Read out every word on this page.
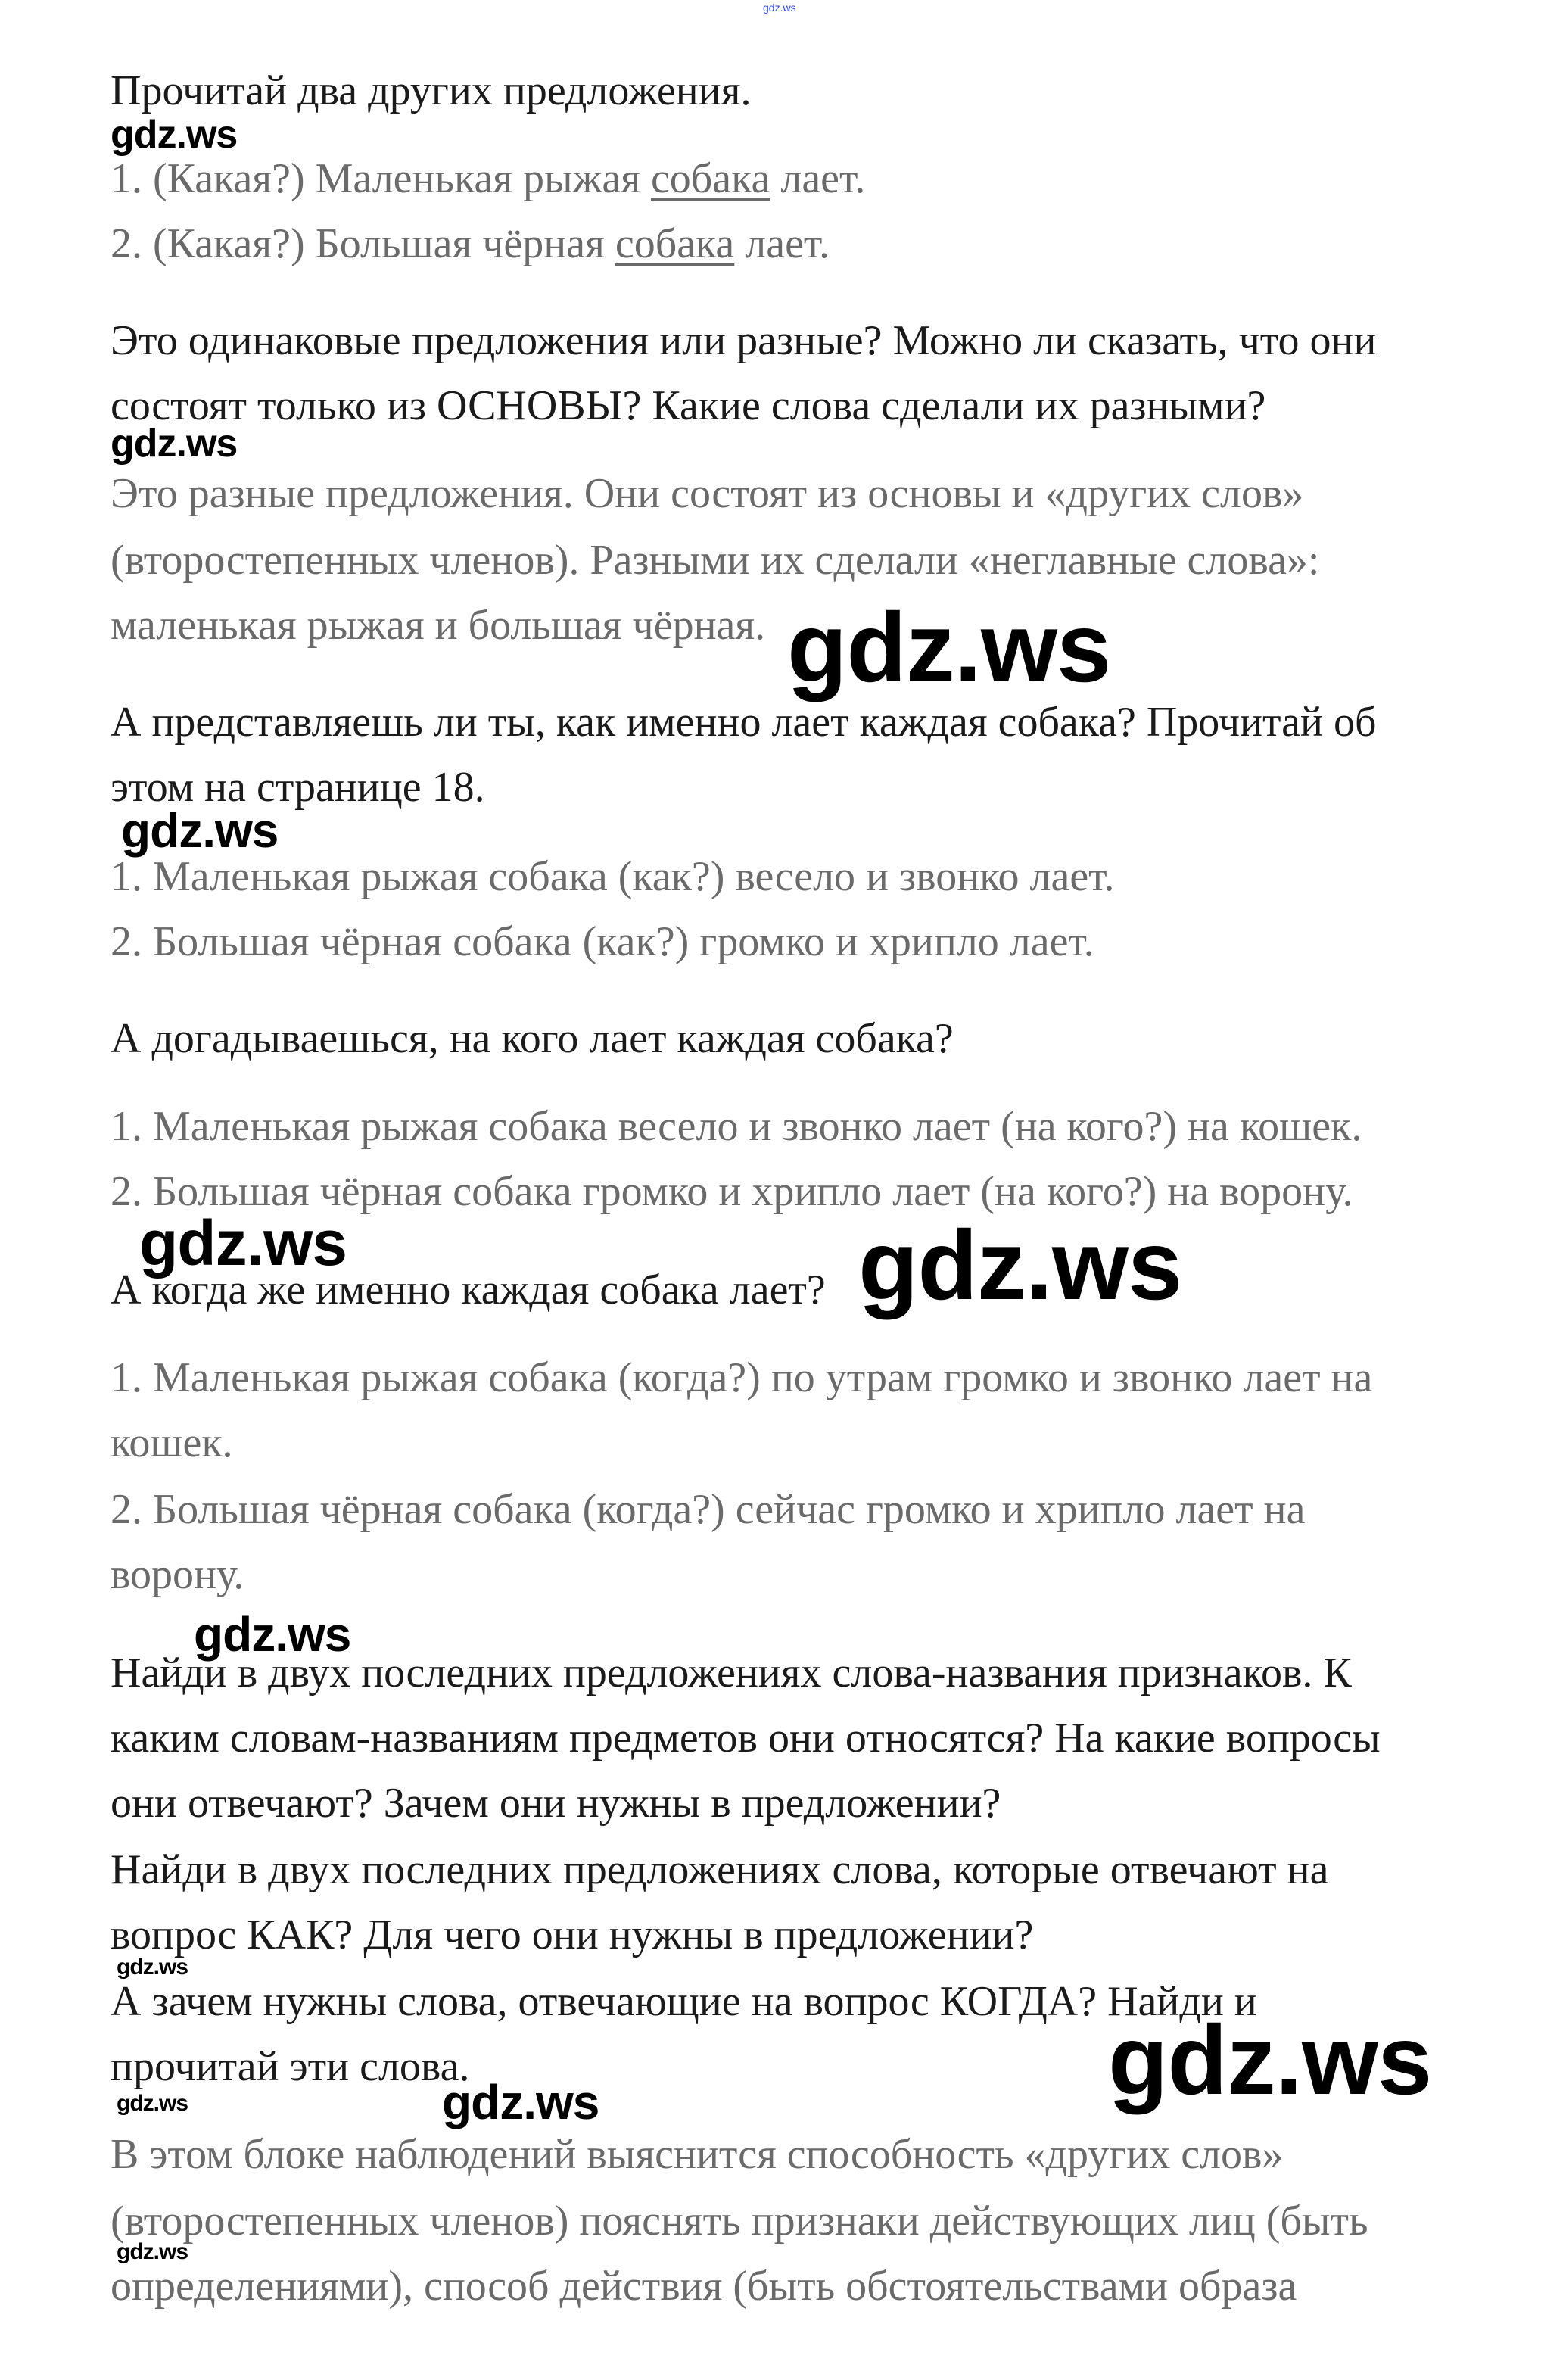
gdz.ws
Прочитай два других предложения.
gdz.ws
1. (Какая?) Маленькая рыжая собака лает.
2. (Какая?) Большая чёрная собака лает.
Это одинаковые предложения или разные? Можно ли сказать, что они
состоят только из ОСНОВЫ? Какие слова сделали их разными?
gdz.ws
Это разные предложения. Они состоят из основы и «других слов»
(второстепенных членов). Разными их сделали «неглавные слова»:
маленькая рыжая и большая чёрная. gdz.ws
А представляешь ли ты, как именно лает каждая собака? Прочитай об
этом на странице 18.
gdz.ws
1. Маленькая рыжая собака (как?) весело и звонко лает.
2. Большая чёрная собака (как?) громко и хрипло лает.
А догадываешься, на кого лает каждая собака?
1. Маленькая рыжая собака весело и звонко лает (на кого?) на кошек.
2. Большая чёрная собака громко и хрипло лает (на кого?) на ворону.
gdz.ws
А когда же именно каждая собака лает? gdz.ws
1. Маленькая рыжая собака (когда?) по утрам громко и звонко лает на
кошек.
2. Большая чёрная собака (когда?) сейчас громко и хрипло лает на
ворону.
gdz.ws
Найди в двух последних предложениях слова-названия признаков. К
каким словам-названиям предметов они относятся? На какие вопросы
они отвечают? Зачем они нужны в предложении?
Найди в двух последних предложениях слова, которые отвечают на
вопрос КАК? Для чего они нужны в предложении?
gdz.ws
А зачем нужны слова, отвечающие на вопрос КОГДА? Найди и
прочитай эти слова.	gdz.ws
gdz.ws	gdz.ws
В этом блоке наблюдений выяснится способность «других слов»
(второстепенных членов) пояснять признаки действующих лиц (быть
gdz.ws
определениями), способ действия (быть обстоятельствами образа
